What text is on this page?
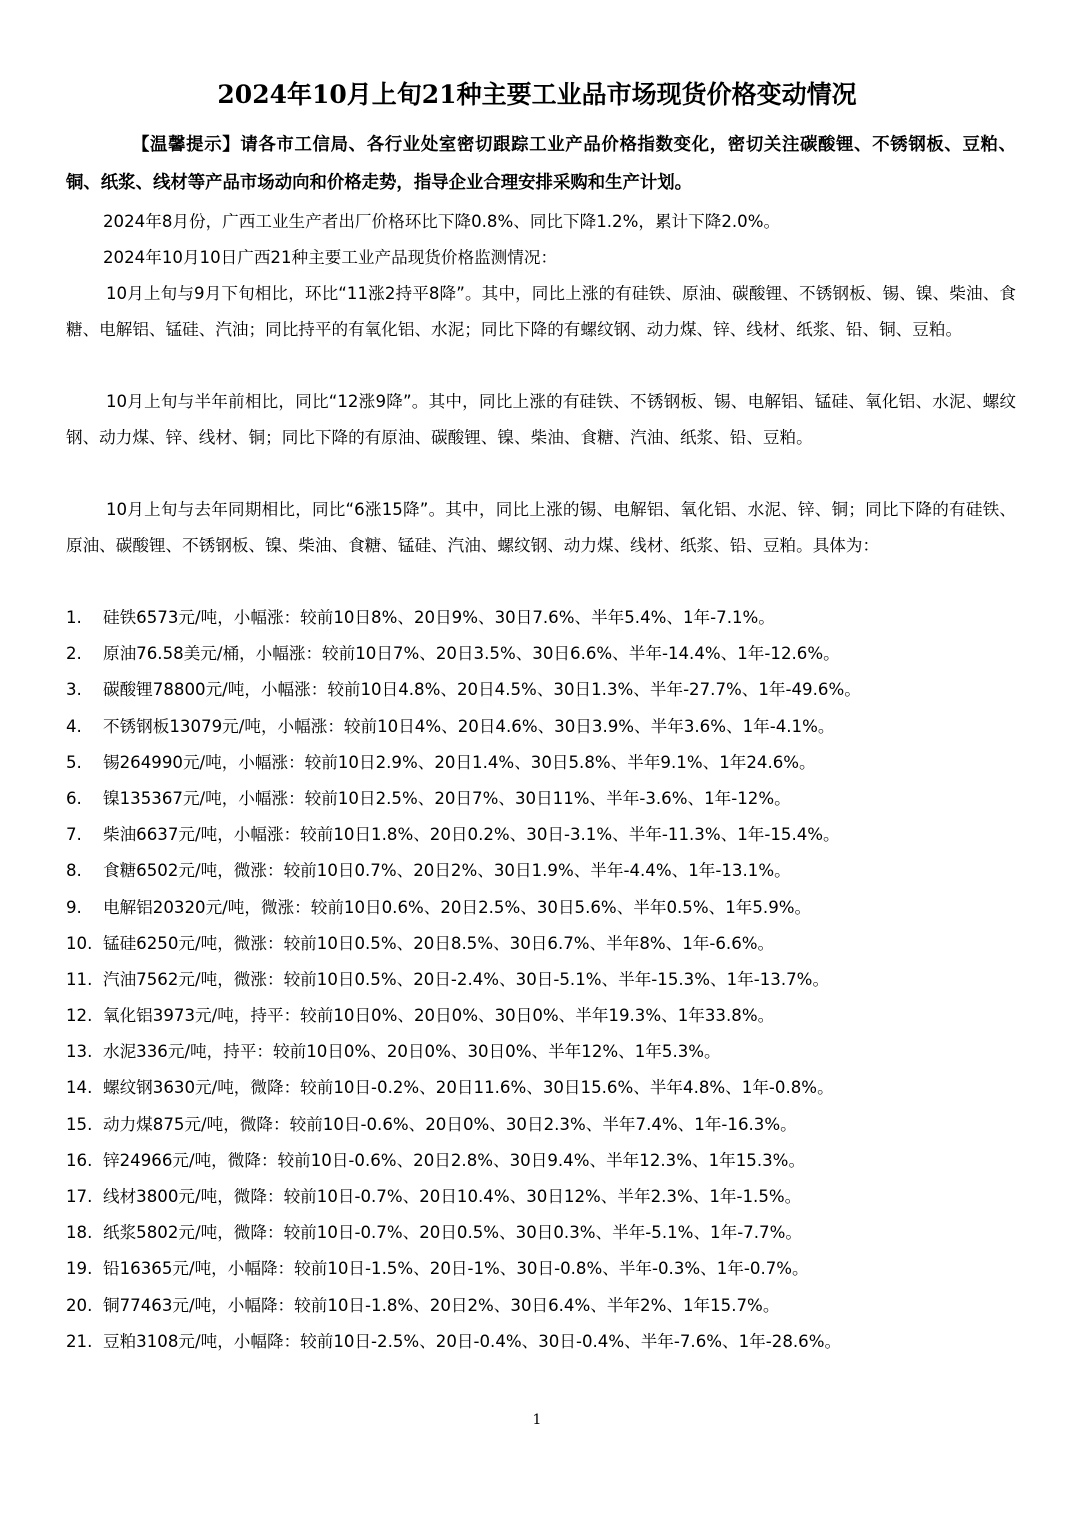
2024年10月上旬21种主要工业品市场现货价格变动情况
【温馨提示】请各市工信局、各行业处室密切跟踪工业产品价格指数变化，密切关注碳酸锂、不锈钢板、豆粕、铜、纸浆、线材等产品市场动向和价格走势，指导企业合理安排采购和生产计划。
2024年8月份，广西工业生产者出厂价格环比下降0.8%、同比下降1.2%，累计下降2.0%。
2024年10月10日广西21种主要工业产品现货价格监测情况：
10月上旬与9月下旬相比，环比“11涨2持平8降”。其中，同比上涨的有硅铁、原油、碳酸锂、不锈钢板、锡、镍、柴油、食糖、电解铝、锰硅、汽油；同比持平的有氧化铝、水泥；同比下降的有螺纹钢、动力煤、锌、线材、纸浆、铅、铜、豆粕。
10月上旬与半年前相比，同比“12涨9降”。其中，同比上涨的有硅铁、不锈钢板、锡、电解铝、锰硅、氧化铝、水泥、螺纹钢、动力煤、锌、线材、铜；同比下降的有原油、碳酸锂、镍、柴油、食糖、汽油、纸浆、铅、豆粕。
10月上旬与去年同期相比，同比“6涨15降”。其中，同比上涨的锡、电解铝、氧化铝、水泥、锌、铜；同比下降的有硅铁、原油、碳酸锂、不锈钢板、镍、柴油、食糖、锰硅、汽油、螺纹钢、动力煤、线材、纸浆、铅、豆粕。具体为：
1. 硅铁6573元/吨，小幅涨：较前10日8%、20日9%、30日7.6%、半年5.4%、1年-7.1%。
2. 原油76.58美元/桶，小幅涨：较前10日7%、20日3.5%、30日6.6%、半年-14.4%、1年-12.6%。
3. 碳酸锂78800元/吨，小幅涨：较前10日4.8%、20日4.5%、30日1.3%、半年-27.7%、1年-49.6%。
4. 不锈钢板13079元/吨，小幅涨：较前10日4%、20日4.6%、30日3.9%、半年3.6%、1年-4.1%。
5. 锡264990元/吨，小幅涨：较前10日2.9%、20日1.4%、30日5.8%、半年9.1%、1年24.6%。
6. 镍135367元/吨，小幅涨：较前10日2.5%、20日7%、30日11%、半年-3.6%、1年-12%。
7. 柴油6637元/吨，小幅涨：较前10日1.8%、20日0.2%、30日-3.1%、半年-11.3%、1年-15.4%。
8. 食糖6502元/吨，微涨：较前10日0.7%、20日2%、30日1.9%、半年-4.4%、1年-13.1%。
9. 电解铝20320元/吨，微涨：较前10日0.6%、20日2.5%、30日5.6%、半年0.5%、1年5.9%。
10. 锰硅6250元/吨，微涨：较前10日0.5%、20日8.5%、30日6.7%、半年8%、1年-6.6%。
11. 汽油7562元/吨，微涨：较前10日0.5%、20日-2.4%、30日-5.1%、半年-15.3%、1年-13.7%。
12. 氧化铝3973元/吨，持平：较前10日0%、20日0%、30日0%、半年19.3%、1年33.8%。
13. 水泥336元/吨，持平：较前10日0%、20日0%、30日0%、半年12%、1年5.3%。
14. 螺纹钢3630元/吨，微降：较前10日-0.2%、20日11.6%、30日15.6%、半年4.8%、1年-0.8%。
15. 动力煤875元/吨，微降：较前10日-0.6%、20日0%、30日2.3%、半年7.4%、1年-16.3%。
16. 锌24966元/吨，微降：较前10日-0.6%、20日2.8%、30日9.4%、半年12.3%、1年15.3%。
17. 线材3800元/吨，微降：较前10日-0.7%、20日10.4%、30日12%、半年2.3%、1年-1.5%。
18. 纸浆5802元/吨，微降：较前10日-0.7%、20日0.5%、30日0.3%、半年-5.1%、1年-7.7%。
19. 铅16365元/吨，小幅降：较前10日-1.5%、20日-1%、30日-0.8%、半年-0.3%、1年-0.7%。
20. 铜77463元/吨，小幅降：较前10日-1.8%、20日2%、30日6.4%、半年2%、1年15.7%。
21. 豆粕3108元/吨，小幅降：较前10日-2.5%、20日-0.4%、30日-0.4%、半年-7.6%、1年-28.6%。
1
